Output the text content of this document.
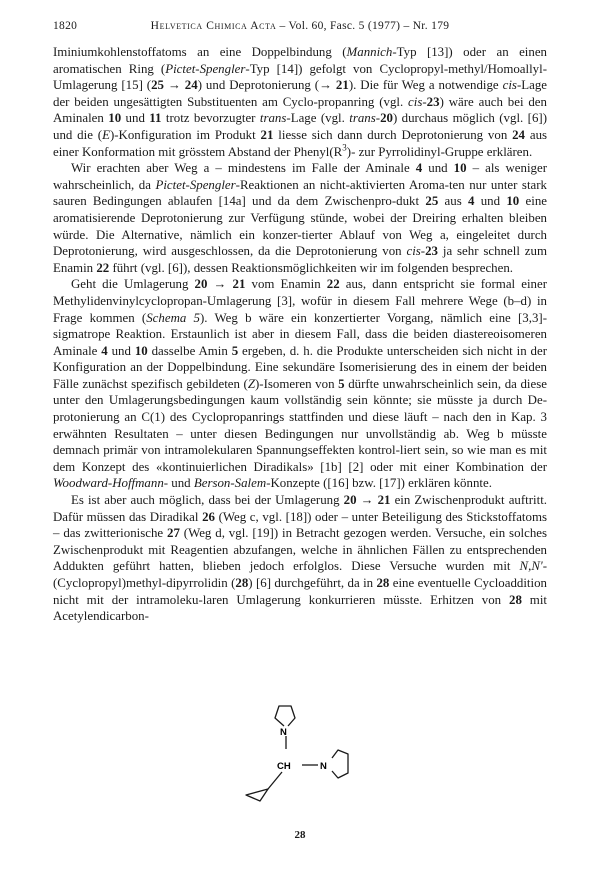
1820	Helvetica Chimica Acta – Vol. 60, Fasc. 5 (1977) – Nr. 179

Iminiumkohlenstoffatoms an eine Doppelbindung (Mannich-Typ [13]) oder an einen aromatischen Ring (Pictet-Spengler-Typ [14]) gefolgt von Cyclopropyl-methyl/Homoallyl-Umlagerung [15] (25 → 24) und Deprotonierung (→ 21). Die für Weg a notwendige cis-Lage der beiden ungesättigten Substituenten am Cyclo-propanring (vgl. cis-23) wäre auch bei den Aminalen 10 und 11 trotz bevorzugter trans-Lage (vgl. trans-20) durchaus möglich (vgl. [6]) und die (E)-Konfiguration im Produkt 21 liesse sich dann durch Deprotonierung von 24 aus einer Konformation mit grösstem Abstand der $Phenyl(R^3)-$ zur Pyrrolidinyl-Gruppe erklären.

Wir erachten aber Weg a – mindestens im Falle der Aminale 4 und 10 – als weniger wahrscheinlich, da Pictet-Spengler-Reaktionen an nicht-aktivierten Aroma-ten nur unter stark sauren Bedingungen ablaufen [14a] und da dem Zwischenpro-dukt 25 aus 4 und 10 eine aromatisierende Deprotonierung zur Verfügung stünde, wobei der Dreiring erhalten bleiben würde. Die Alternative, nämlich ein konzer-tierter Ablauf von Weg a, eingeleitet durch Deprotonierung, wird ausgeschlossen, da die Deprotonierung von cis-23 ja sehr schnell zum Enamin 22 führt (vgl. [6]), dessen Reaktionsmöglichkeiten wir im folgenden besprechen.

Geht die Umlagerung 20 → 21 vom Enamin 22 aus, dann entspricht sie formal einer Methylidenvinylcyclopropan-Umlagerung [3], wofür in diesem Fall mehrere Wege (b–d) in Frage kommen (Schema 5). Weg b wäre ein konzertierter Vorgang, nämlich eine [3,3]-sigmatrope Reaktion. Erstaunlich ist aber in diesem Fall, dass die beiden diastereoisomeren Aminale 4 und 10 dasselbe Amin 5 ergeben, d. h. die Produkte unterscheiden sich nicht in der Konfiguration an der Doppelbindung. Eine sekundäre Isomerisierung des in einem der beiden Fälle zunächst spezifisch gebildeten (Z)-Isomeren von 5 dürfte unwahrscheinlich sein, da diese unter den Umlagerungsbedingungen kaum vollständig sein könnte; sie müsste ja durch De-protonierung an C(1) des Cyclopropanrings stattfinden und diese läuft – nach den in Kap. 3 erwähnten Resultaten – unter diesen Bedingungen nur unvollständig ab. Weg b müsste demnach primär von intramolekularen Spannungseffekten kontrol-liert sein, so wie man es mit dem Konzept des «kontinuierlichen Diradikals» [1b] [2] oder mit einer Kombination der Woodward-Hoffmann- und Berson-Salem-Konzepte ([16] bzw. [17]) erklären könnte.

Es ist aber auch möglich, dass bei der Umlagerung 20 → 21 ein Zwischenprodukt auftritt. Dafür müssen das Diradikal 26 (Weg c, vgl. [18]) oder – unter Beteiligung des Stickstoffatoms – das zwitterionische 27 (Weg d, vgl. [19]) in Betracht gezogen werden. Versuche, ein solches Zwischenprodukt mit Reagentien abzufangen, welche in ähnlichen Fällen zu entsprechenden Addukten geführt hatten, blieben jedoch erfolglos. Diese Versuche wurden mit N,N'-(Cyclopropyl)methyl-dipyrrolidin (28) [6] durchgeführt, da in 28 eine eventuelle Cycloaddition nicht mit der intramoleku-laren Umlagerung konkurrieren müsste. Erhitzen von 28 mit Acetylendicarbon-

N
CH	N
28
